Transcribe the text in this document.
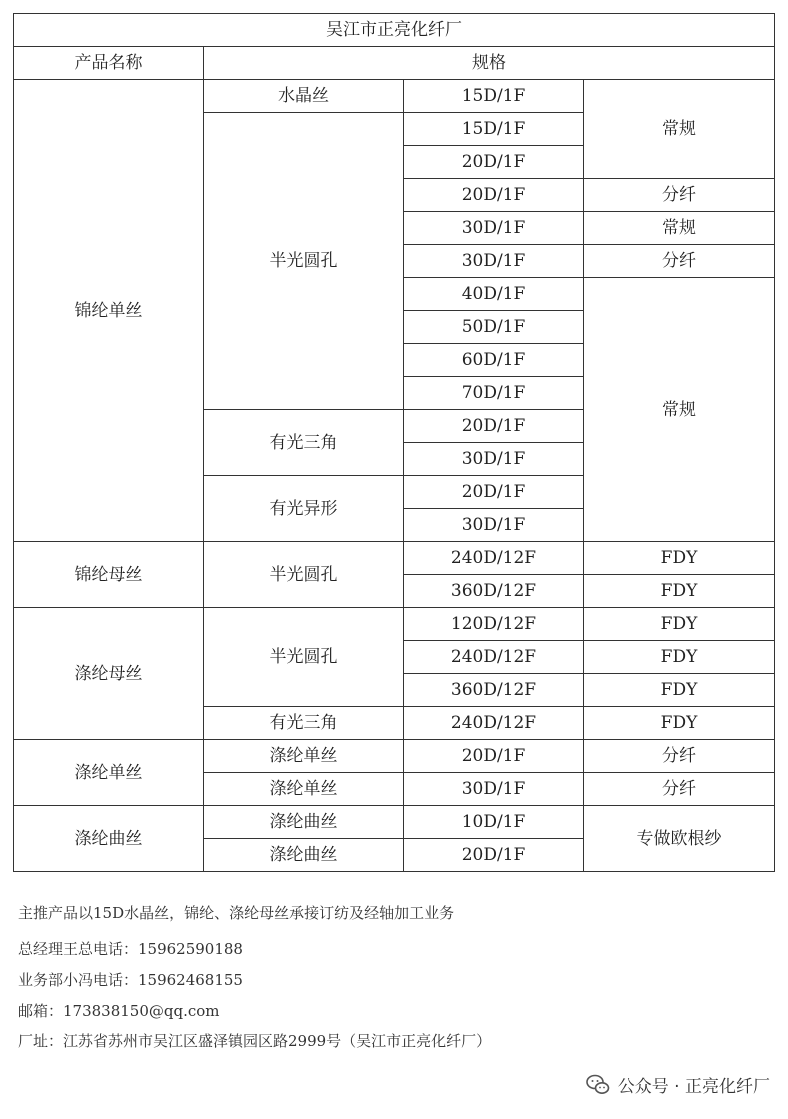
吴江市正亮化纤厂			
产品名称	规格		
锦纶单丝	水晶丝	15D/1F	常规
	半光圆孔	15D/1F	
		20D/1F	
		20D/1F	分纤
		30D/1F	常规
		30D/1F	分纤
		40D/1F	常规
		50D/1F	
		60D/1F	
		70D/1F	
	有光三角	20D/1F	
		30D/1F	
	有光异形	20D/1F	
		30D/1F	
锦纶母丝	半光圆孔	240D/12F	FDY
		360D/12F	FDY
涤纶母丝	半光圆孔	120D/12F	FDY
		240D/12F	FDY
		360D/12F	FDY
	有光三角	240D/12F	FDY
涤纶单丝	涤纶单丝	20D/1F	分纤
	涤纶单丝	30D/1F	分纤
涤纶曲丝	涤纶曲丝	10D/1F	专做欧根纱
	涤纶曲丝	20D/1F	

主推产品以15D水晶丝，锦纶、涤纶母丝承接订纺及经轴加工业务

总经理王总电话：15962590188

业务部小冯电话：15962468155

邮箱：173838150@qq.com

厂址：江苏省苏州市吴江区盛泽镇园区路2999号（吴江市正亮化纤厂）

公众号 · 正亮化纤厂
